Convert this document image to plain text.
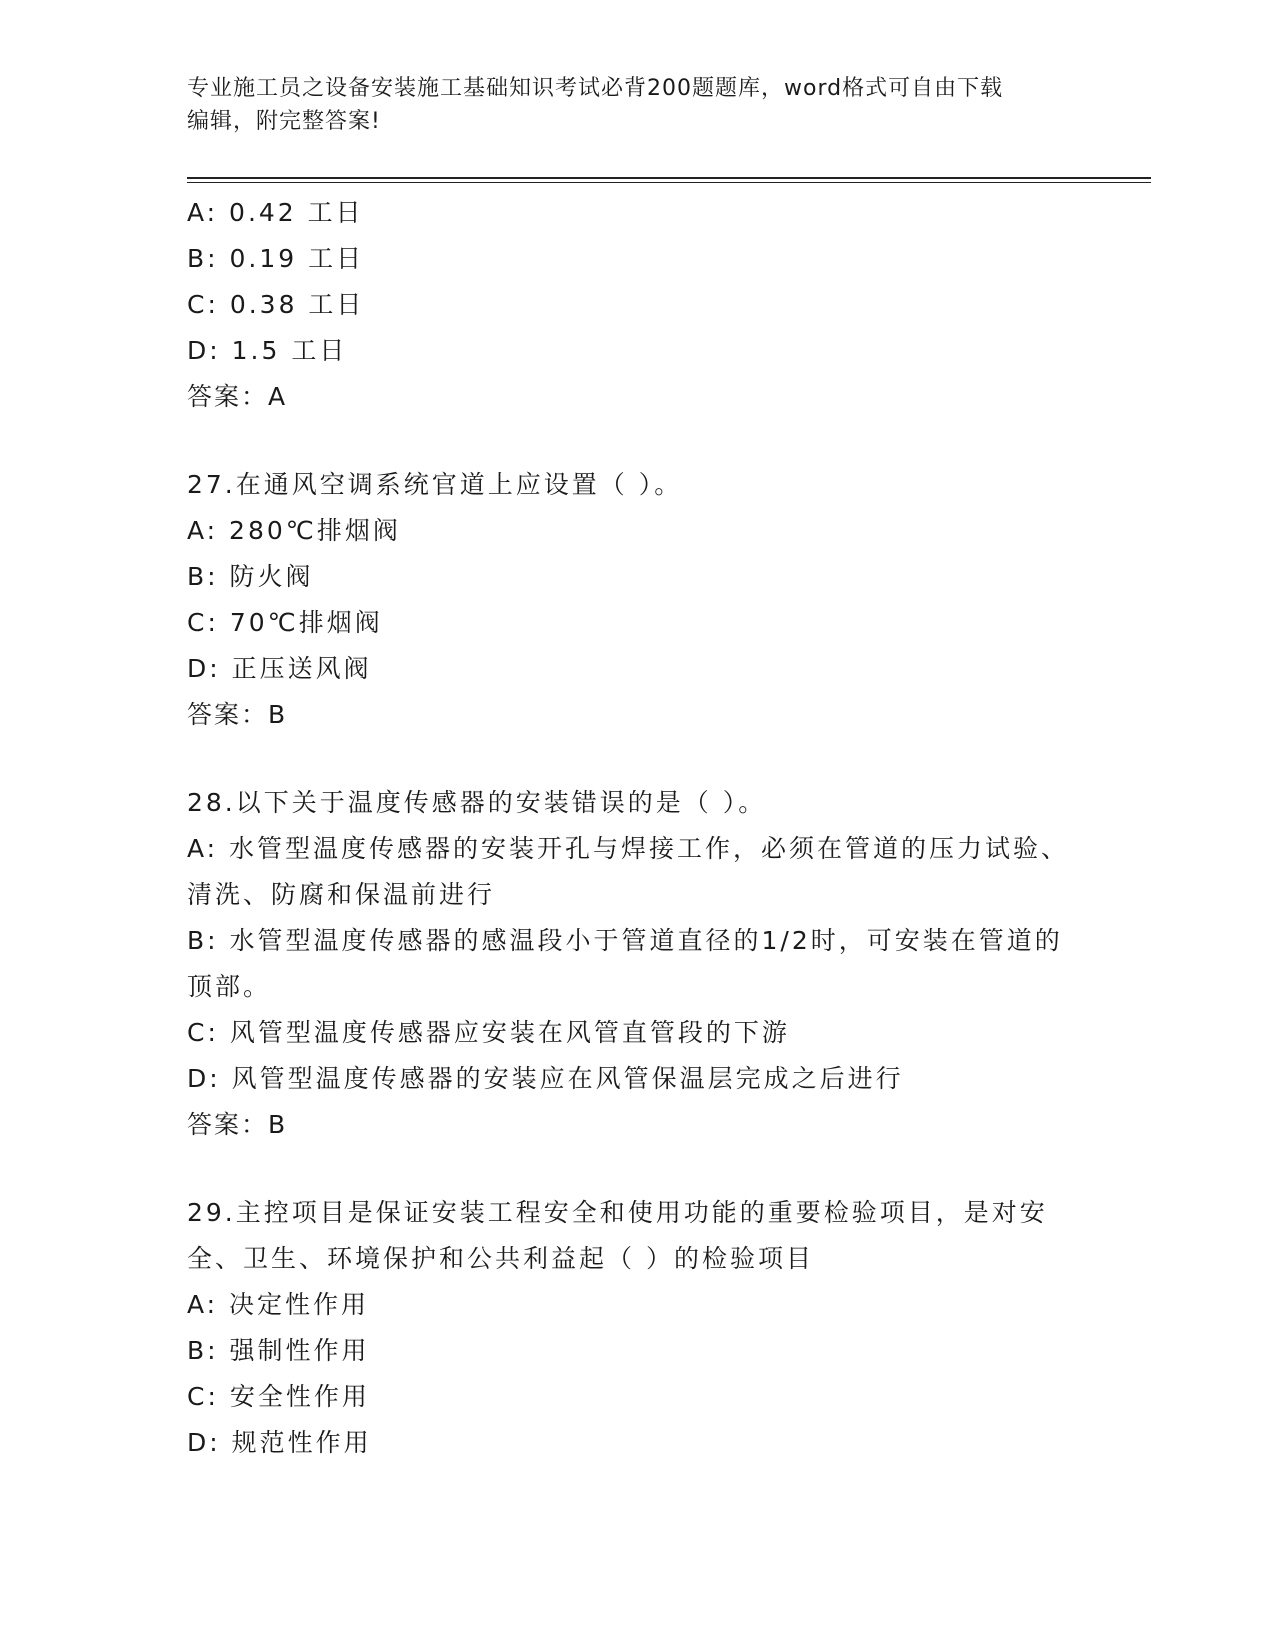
专业施工员之设备安装施工基础知识考试必背200题题库，word格式可自由下载
编辑，附完整答案!
A: 0.42 工日
B: 0.19 工日
C: 0.38 工日
D: 1.5 工日
答案：A
27.在通风空调系统官道上应设置（ ）。
A: 280℃排烟阀
B: 防火阀
C: 70℃排烟阀
D: 正压送风阀
答案：B
28.以下关于温度传感器的安装错误的是（ ）。
A: 水管型温度传感器的安装开孔与焊接工作，必须在管道的压力试验、清洗、防腐和保温前进行
B: 水管型温度传感器的感温段小于管道直径的1/2时，可安装在管道的顶部。
C: 风管型温度传感器应安装在风管直管段的下游
D: 风管型温度传感器的安装应在风管保温层完成之后进行
答案：B
29.主控项目是保证安装工程安全和使用功能的重要检验项目，是对安全、卫生、环境保护和公共利益起（ ）的检验项目
A: 决定性作用
B: 强制性作用
C: 安全性作用
D: 规范性作用
